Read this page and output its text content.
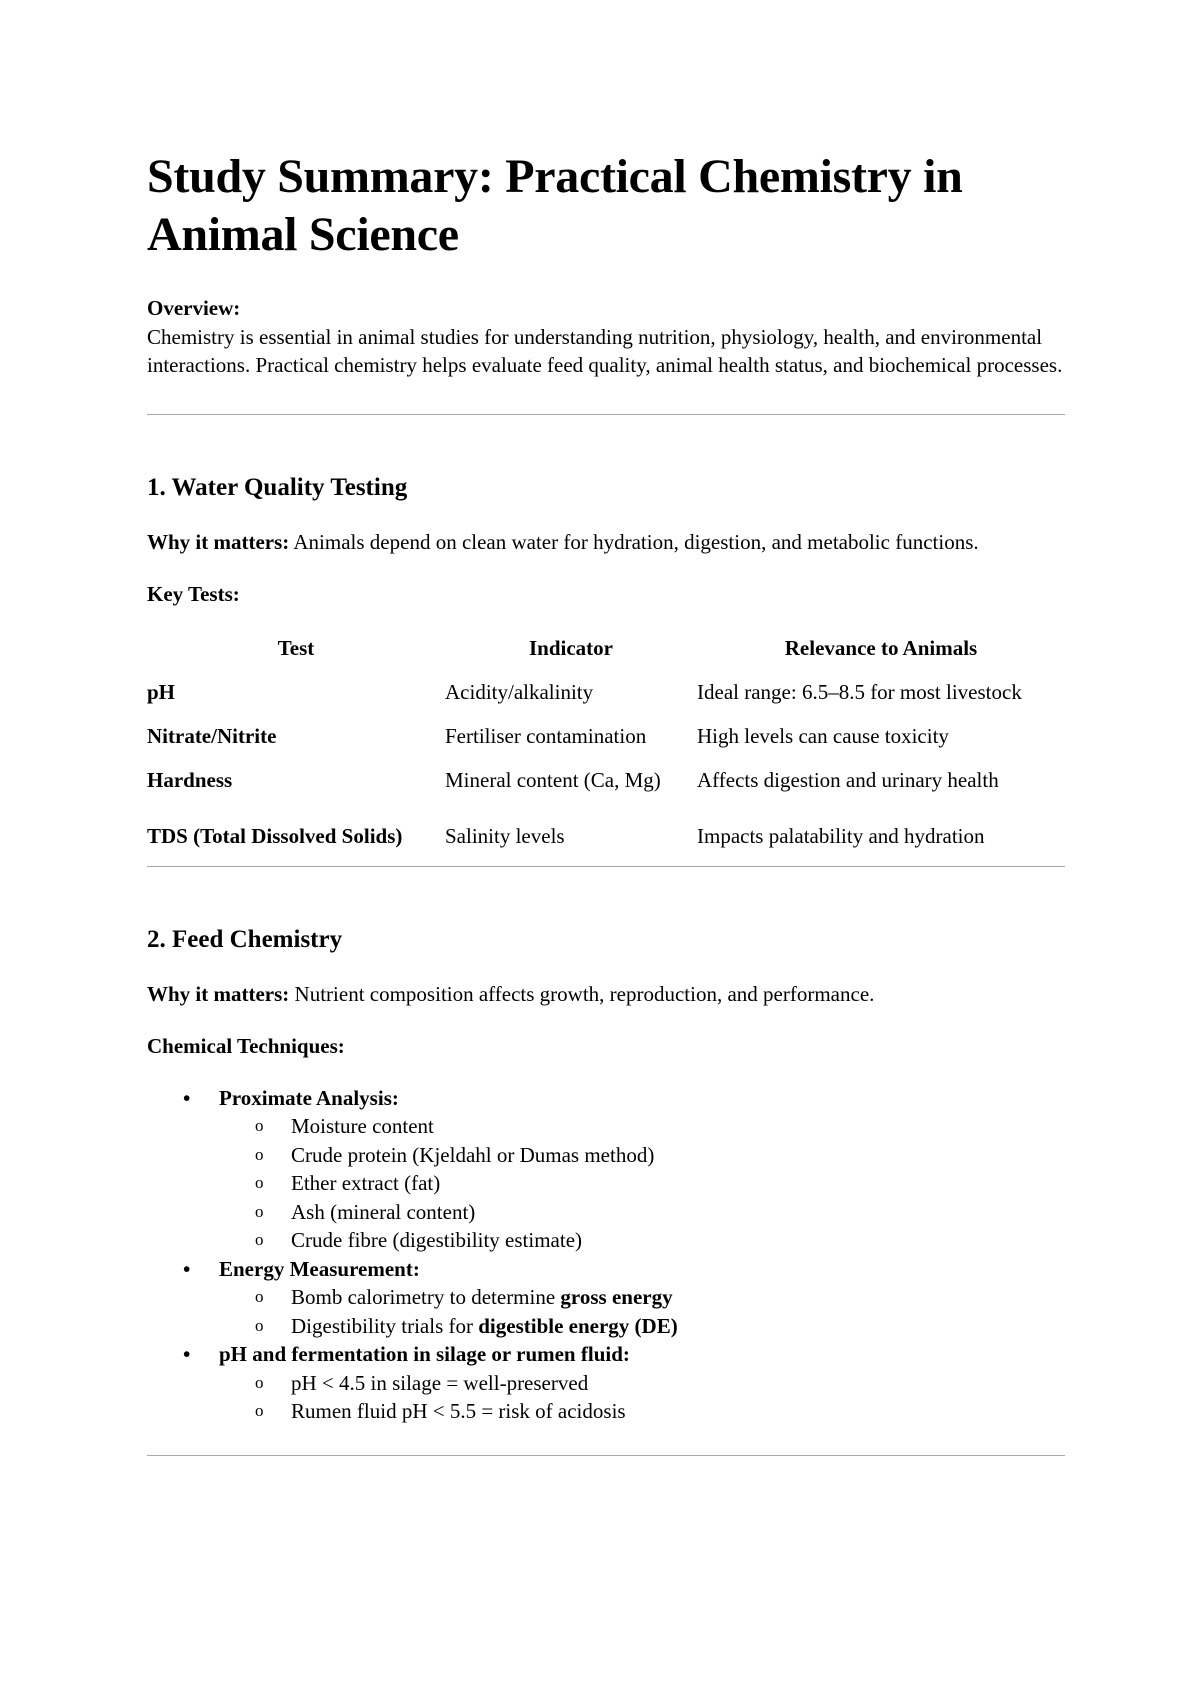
Study Summary: Practical Chemistry in Animal Science

Overview:

Chemistry is essential in animal studies for understanding nutrition, physiology, health, and environmental interactions. Practical chemistry helps evaluate feed quality, animal health status, and biochemical processes.

1. Water Quality Testing

Why it matters: Animals depend on clean water for hydration, digestion, and metabolic functions.

Key Tests:

Test	Indicator	Relevance to Animals
pH	Acidity/alkalinity	Ideal range: 6.5–8.5 for most livestock
Nitrate/Nitrite	Fertiliser contamination	High levels can cause toxicity
Hardness	Mineral content (Ca, Mg)	Affects digestion and urinary health
TDS (Total Dissolved Solids)	Salinity levels	Impacts palatability and hydration
2. Feed Chemistry

Why it matters: Nutrient composition affects growth, reproduction, and performance.

Chemical Techniques:

• Proximate Analysis:
o Moisture content
o Crude protein (Kjeldahl or Dumas method)
o Ether extract (fat)
o Ash (mineral content)
o Crude fibre (digestibility estimate)
• Energy Measurement:
o Bomb calorimetry to determine gross energy
o Digestibility trials for digestible energy (DE)
• pH and fermentation in silage or rumen fluid:
o pH < 4.5 in silage = well-preserved
o Rumen fluid pH < 5.5 = risk of acidosis
